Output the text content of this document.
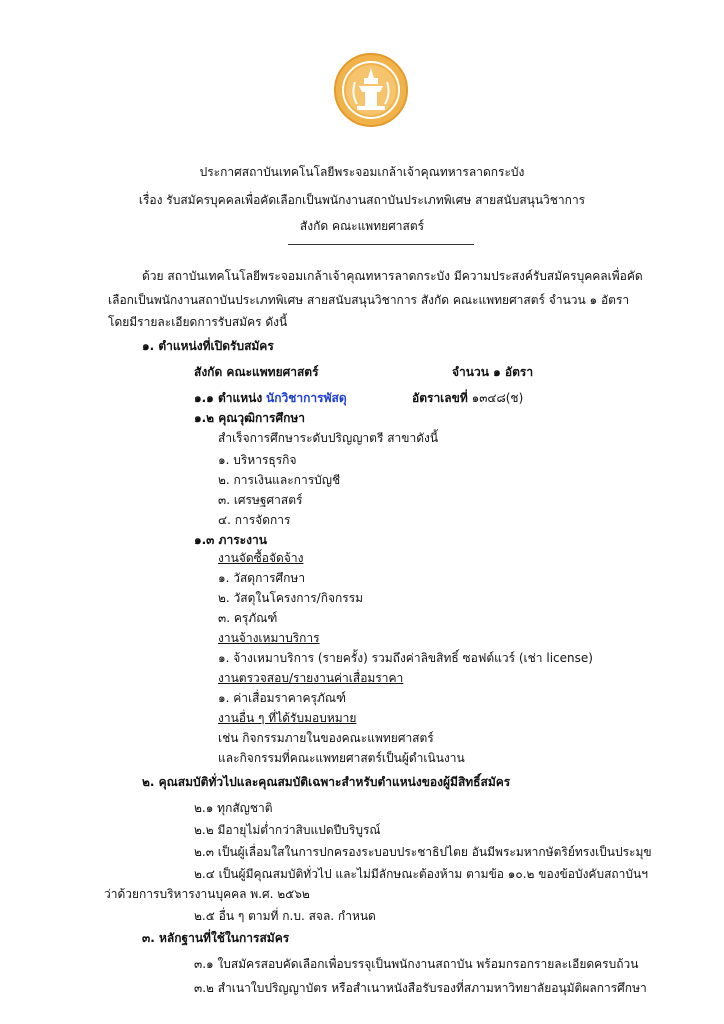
ประกาศสถาบันเทคโนโลยีพระจอมเกล้าเจ้าคุณทหารลาดกระบัง
เรื่อง รับสมัครบุคคลเพื่อคัดเลือกเป็นพนักงานสถาบันประเภทพิเศษ สายสนับสนุนวิชาการ
สังกัด คณะแพทยศาสตร์
ด้วย สถาบันเทคโนโลยีพระจอมเกล้าเจ้าคุณทหารลาดกระบัง มีความประสงค์รับสมัครบุคคลเพื่อคัด
เลือกเป็นพนักงานสถาบันประเภทพิเศษ สายสนับสนุนวิชาการ สังกัด คณะแพทยศาสตร์ จำนวน ๑ อัตรา
โดยมีรายละเอียดการรับสมัคร ดังนี้
๑. ตำแหน่งที่เปิดรับสมัคร
สังกัด คณะแพทยศาสตร์	จำนวน ๑ อัตรา
๑.๑ ตำแหน่ง นักวิชาการพัสดุ	อัตราเลขที่ ๑๓๔๘(ช)
๑.๒ คุณวุฒิการศึกษา
สำเร็จการศึกษาระดับปริญญาตรี สาขาดังนี้
๑. บริหารธุรกิจ
๒. การเงินและการบัญชี
๓. เศรษฐศาสตร์
๔. การจัดการ
๑.๓ ภาระงาน
งานจัดซื้อจัดจ้าง
๑. วัสดุการศึกษา
๒. วัสดุในโครงการ/กิจกรรม
๓. ครุภัณฑ์
งานจ้างเหมาบริการ
๑. จ้างเหมาบริการ (รายครั้ง) รวมถึงค่าลิขสิทธิ์ ซอฟต์แวร์ (เช่า license)
งานตรวจสอบ/รายงานค่าเสื่อมราคา
๑. ค่าเสื่อมราคาครุภัณฑ์
งานอื่น ๆ ที่ได้รับมอบหมาย
เช่น กิจกรรมภายในของคณะแพทยศาสตร์
และกิจกรรมที่คณะแพทยศาสตร์เป็นผู้ดำเนินงาน
๒. คุณสมบัติทั่วไปและคุณสมบัติเฉพาะสำหรับตำแหน่งของผู้มีสิทธิ์สมัคร
๒.๑ ทุกสัญชาติ
๒.๒ มีอายุไม่ต่ำกว่าสิบแปดปีบริบูรณ์
๒.๓ เป็นผู้เลื่อมใสในการปกครองระบอบประชาธิปไตย อันมีพระมหากษัตริย์ทรงเป็นประมุข
๒.๔ เป็นผู้มีคุณสมบัติทั่วไป และไม่มีลักษณะต้องห้าม ตามข้อ ๑๐.๒ ของข้อบังคับสถาบันฯ
ว่าด้วยการบริหารงานบุคคล พ.ศ. ๒๕๖๒
๒.๕ อื่น ๆ ตามที่ ก.บ. สจล. กำหนด
๓. หลักฐานที่ใช้ในการสมัคร
๓.๑ ใบสมัครสอบคัดเลือกเพื่อบรรจุเป็นพนักงานสถาบัน พร้อมกรอกรายละเอียดครบถ้วน
๓.๒ สำเนาใบปริญญาบัตร หรือสำเนาหนังสือรับรองที่สภามหาวิทยาลัยอนุมัติผลการศึกษา
